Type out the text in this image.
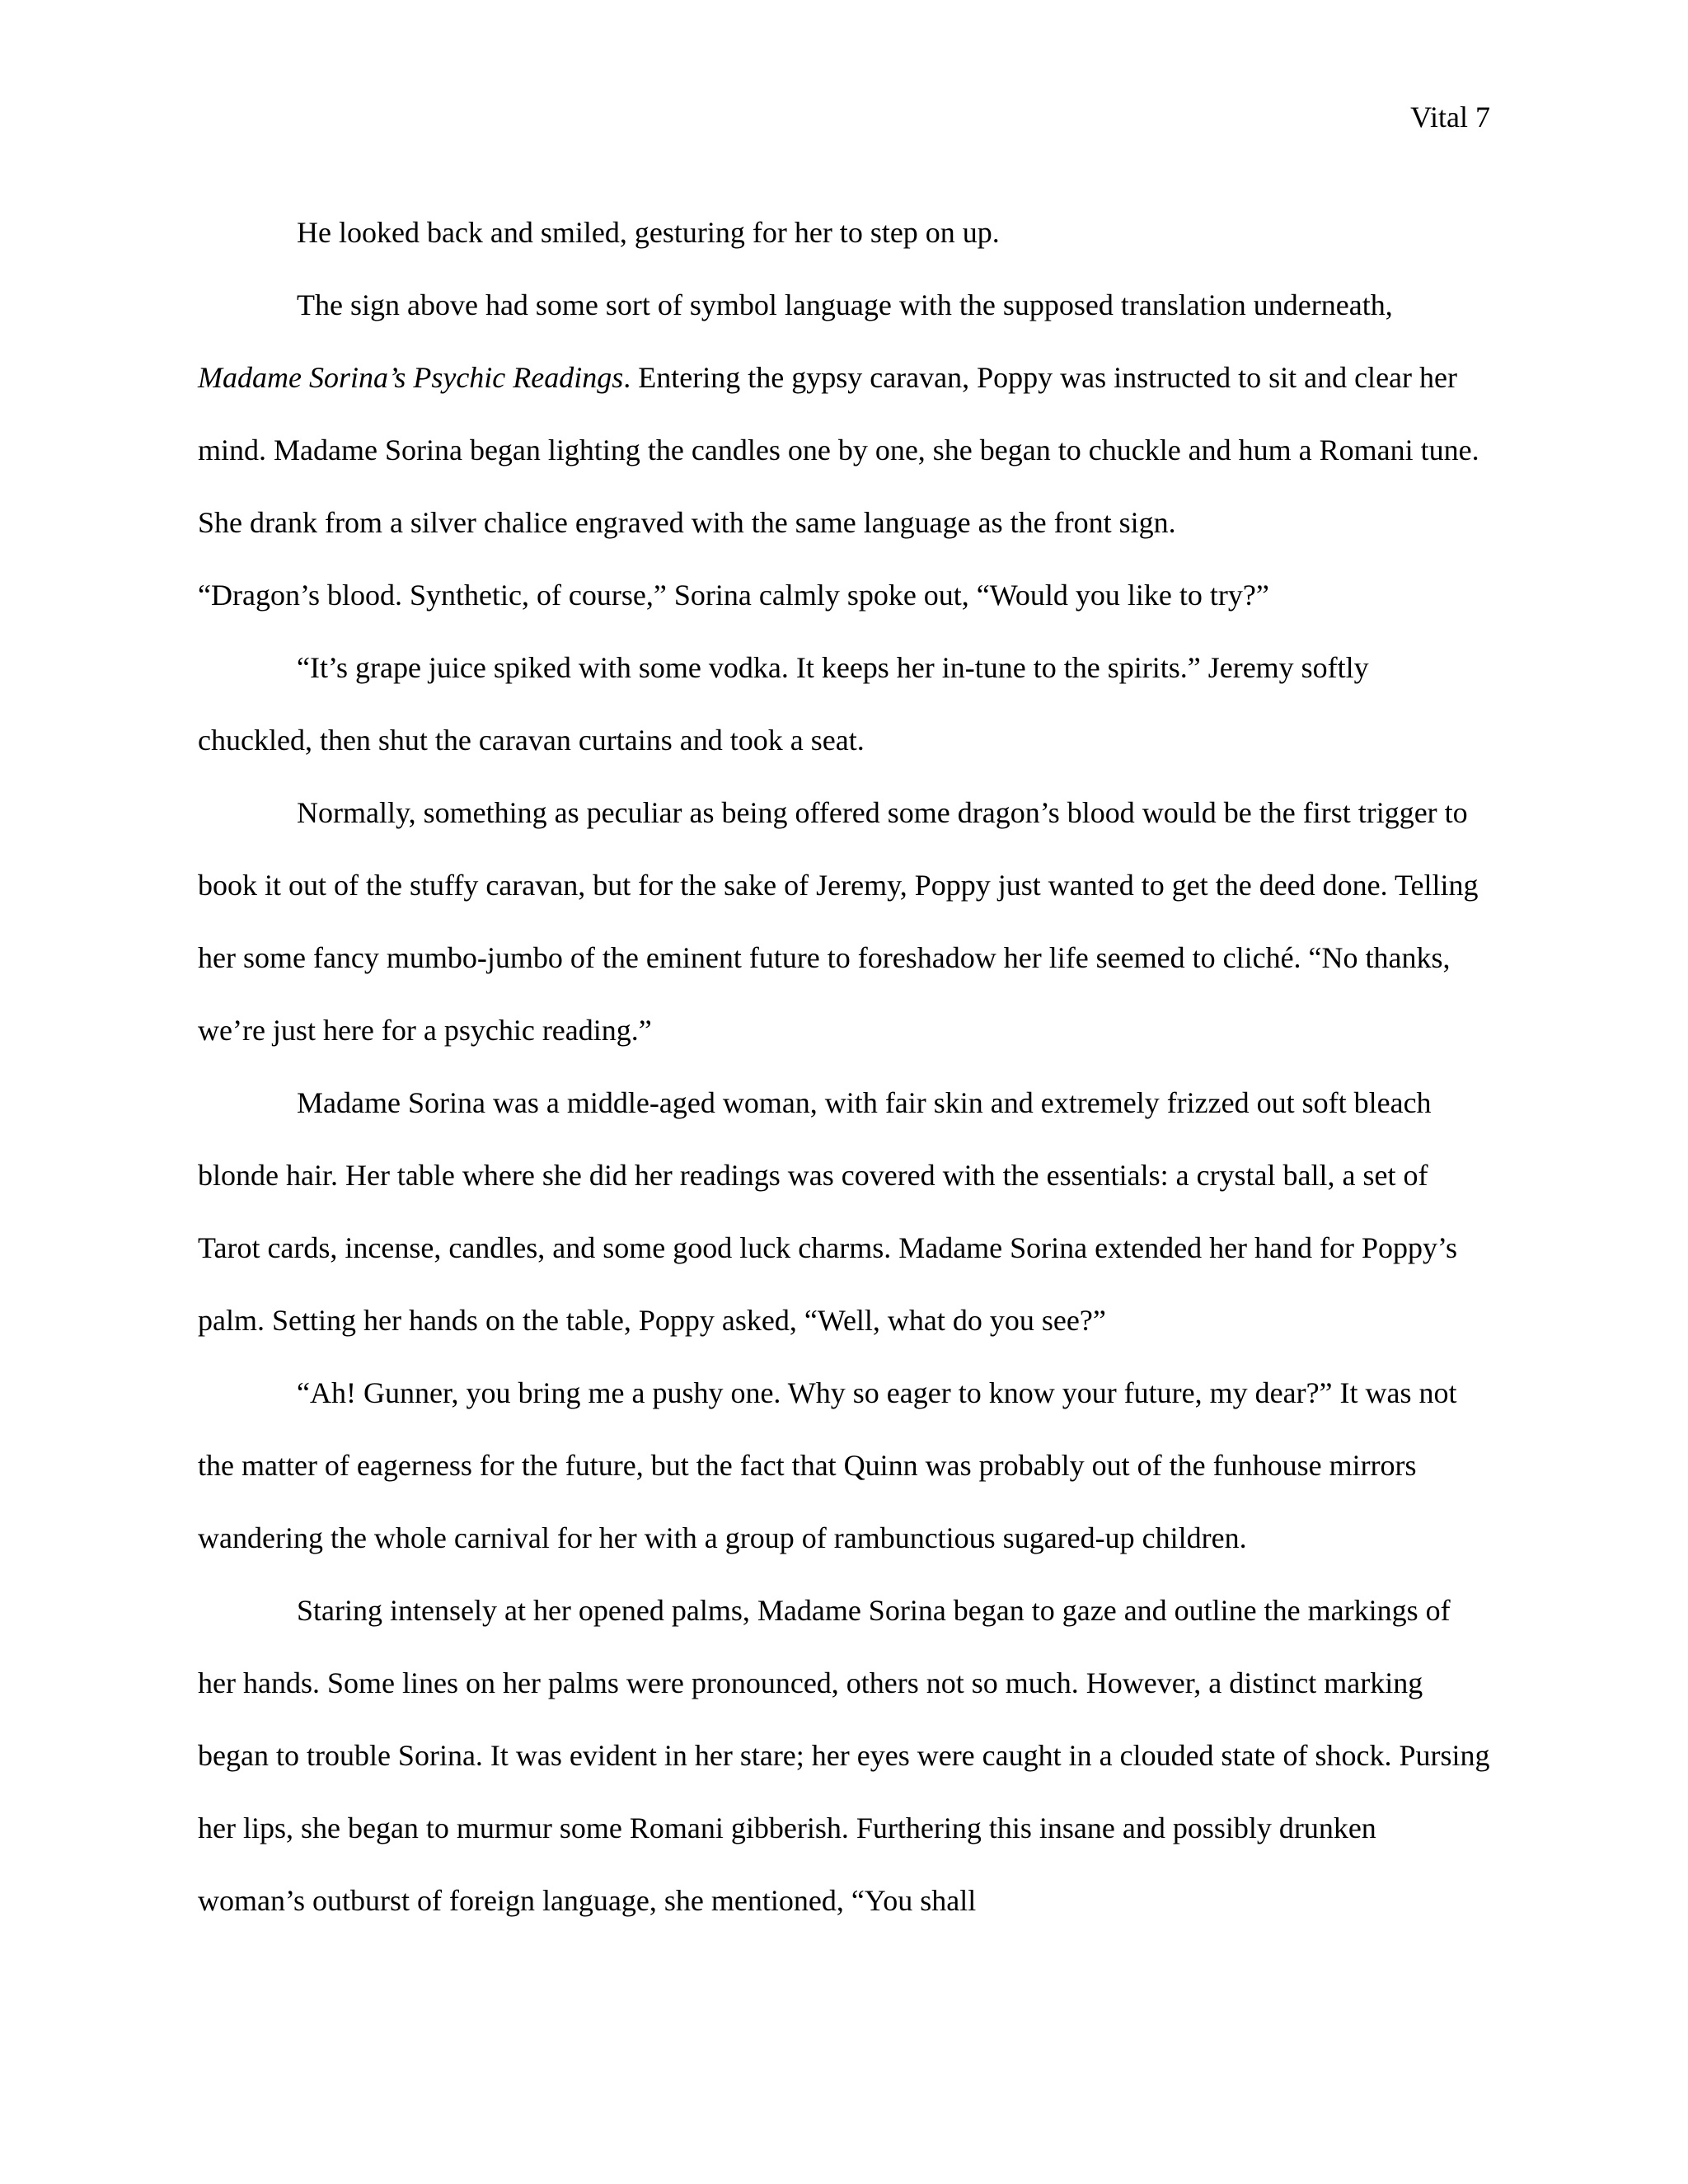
Vital 7

He looked back and smiled, gesturing for her to step on up.

The sign above had some sort of symbol language with the supposed translation underneath, Madame Sorina’s Psychic Readings. Entering the gypsy caravan, Poppy was instructed to sit and clear her mind. Madame Sorina began lighting the candles one by one, she began to chuckle and hum a Romani tune. She drank from a silver chalice engraved with the same language as the front sign.

“Dragon’s blood. Synthetic, of course,” Sorina calmly spoke out, “Would you like to try?”

“It’s grape juice spiked with some vodka. It keeps her in-tune to the spirits.” Jeremy softly chuckled, then shut the caravan curtains and took a seat.

Normally, something as peculiar as being offered some dragon’s blood would be the first trigger to book it out of the stuffy caravan, but for the sake of Jeremy, Poppy just wanted to get the deed done. Telling her some fancy mumbo-jumbo of the eminent future to foreshadow her life seemed to cliché. “No thanks, we’re just here for a psychic reading.”

Madame Sorina was a middle-aged woman, with fair skin and extremely frizzed out soft bleach blonde hair. Her table where she did her readings was covered with the essentials: a crystal ball, a set of Tarot cards, incense, candles, and some good luck charms. Madame Sorina extended her hand for Poppy’s palm. Setting her hands on the table, Poppy asked, “Well, what do you see?”

“Ah! Gunner, you bring me a pushy one. Why so eager to know your future, my dear?” It was not the matter of eagerness for the future, but the fact that Quinn was probably out of the funhouse mirrors wandering the whole carnival for her with a group of rambunctious sugared-up children.

Staring intensely at her opened palms, Madame Sorina began to gaze and outline the markings of her hands. Some lines on her palms were pronounced, others not so much. However, a distinct marking began to trouble Sorina. It was evident in her stare; her eyes were caught in a clouded state of shock. Pursing her lips, she began to murmur some Romani gibberish. Furthering this insane and possibly drunken woman’s outburst of foreign language, she mentioned, “You shall
